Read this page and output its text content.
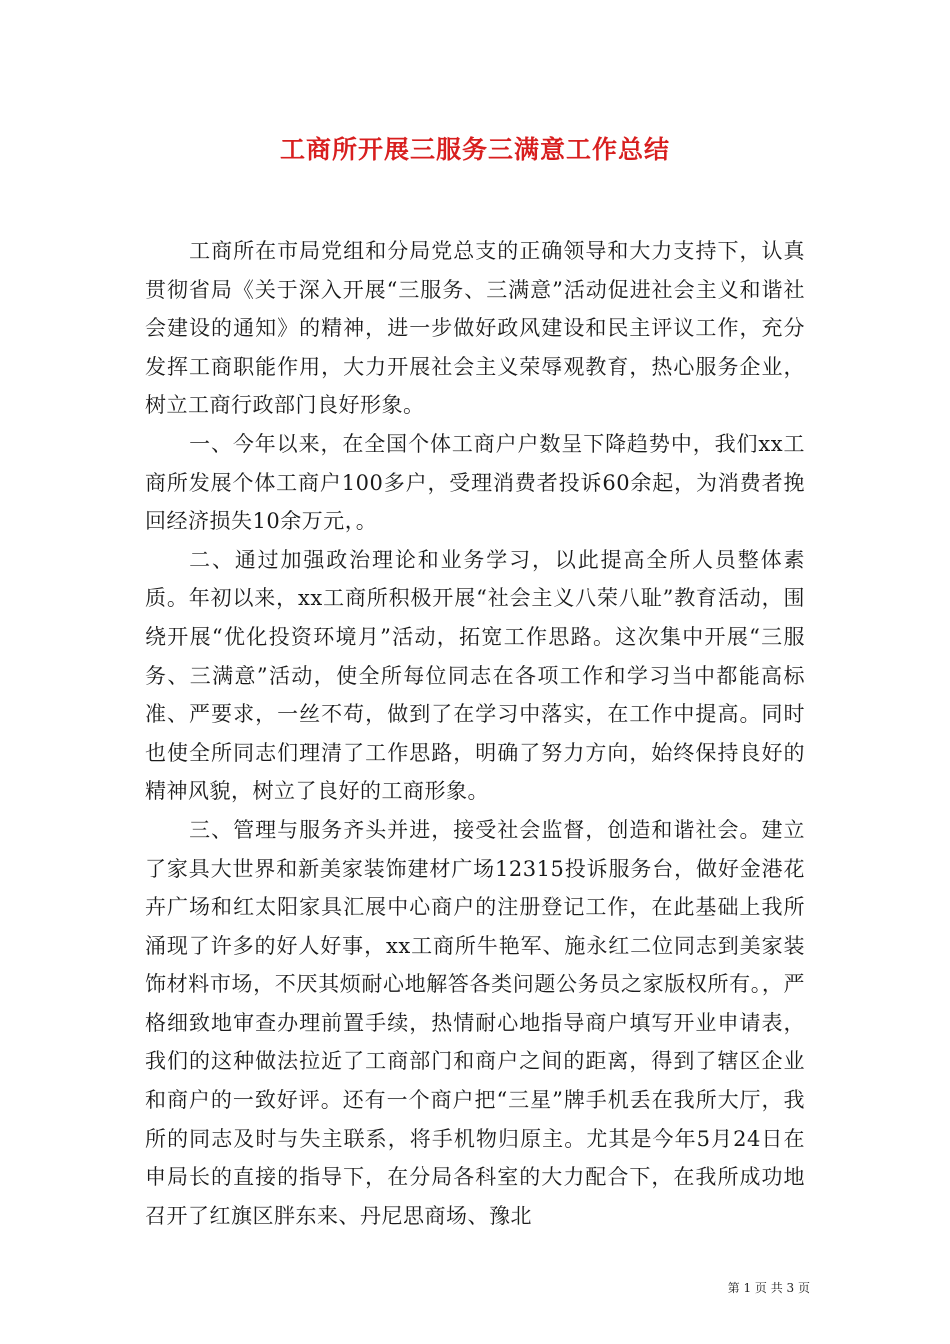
工商所开展三服务三满意工作总结

工商所在市局党组和分局党总支的正确领导和大力支持下，认真贯彻省局《关于深入开展“三服务、三满意”活动促进社会主义和谐社会建设的通知》的精神，进一步做好政风建设和民主评议工作，充分发挥工商职能作用，大力开展社会主义荣辱观教育，热心服务企业，树立工商行政部门良好形象。

一、今年以来，在全国个体工商户户数呈下降趋势中，我们xx工商所发展个体工商户100多户，受理消费者投诉60余起，为消费者挽回经济损失10余万元，。

二、通过加强政治理论和业务学习，以此提高全所人员整体素质。年初以来，xx工商所积极开展“社会主义八荣八耻”教育活动，围绕开展“优化投资环境月”活动，拓宽工作思路。这次集中开展“三服务、三满意”活动，使全所每位同志在各项工作和学习当中都能高标准、严要求，一丝不苟，做到了在学习中落实，在工作中提高。同时也使全所同志们理清了工作思路，明确了努力方向，始终保持良好的精神风貌，树立了良好的工商形象。

三、管理与服务齐头并进，接受社会监督，创造和谐社会。建立了家具大世界和新美家装饰建材广场12315投诉服务台，做好金港花卉广场和红太阳家具汇展中心商户的注册登记工作，在此基础上我所涌现了许多的好人好事，xx工商所牛艳军、施永红二位同志到美家装饰材料市场，不厌其烦耐心地解答各类问题公务员之家版权所有。，严格细致地审查办理前置手续，热情耐心地指导商户填写开业申请表，我们的这种做法拉近了工商部门和商户之间的距离，得到了辖区企业和商户的一致好评。还有一个商户把“三星”牌手机丢在我所大厅，我所的同志及时与失主联系，将手机物归原主。尤其是今年5月24日在申局长的直接的指导下，在分局各科室的大力配合下，在我所成功地召开了红旗区胖东来、丹尼思商场、豫北

第 1 页 共 3 页
